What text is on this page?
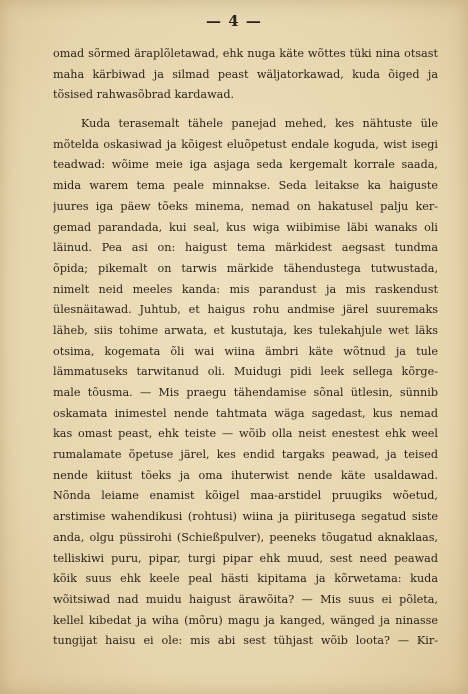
— 4 —
omad sõrmed äraplõletawad, ehk nuga käte wõttes tüki nina otsast
maha kärbiwad ja silmad peast wäljatorkawad, kuda õiged ja
tõsised rahwasõbrad kardawad.
Kuda terasemalt tähele panejad mehed, kes nähtuste üle
mõtelda oskasiwad ja kõigest eluõpetust endale koguda, wist isegi
teadwad: wõime meie iga asjaga seda kergemalt korrale saada,
mida warem tema peale minnakse. Seda leitakse ka haiguste
juures iga päew tõeks minema, nemad on hakatusel palju ker-
gemad parandada, kui seal, kus wiga wiibimise läbi wanaks oli
läinud. Pea asi on: haigust tema märkidest aegsast tundma
õpida; pikemalt on tarwis märkide tähendustega tutwustada,
nimelt neid meeles kanda: mis parandust ja mis raskendust
ülesnäitawad. Juhtub, et haigus rohu andmise järel suuremaks
läheb, siis tohime arwata, et kustutaja, kes tulekahjule wet läks
otsima, kogemata õli wai wiina ämbri käte wõtnud ja tule
lämmatuseks tarwitanud oli. Muidugi pidi leek sellega kõrge-
male tõusma. — Mis praegu tähendamise sõnal ütlesin, sünnib
oskamata inimestel nende tahtmata wäga sagedast, kus nemad
kas omast peast, ehk teiste — wõib olla neist enestest ehk weel
rumalamate õpetuse järel, kes endid targaks peawad, ja teised
nende kiitust tõeks ja oma ihuterwist nende käte usaldawad.
Nõnda leiame enamist kõigel maa-arstidel pruugiks wõetud,
arstimise wahendikusi (rohtusi) wiina ja piiritusega segatud siste
anda, olgu püssirohi (Schießpulver), peeneks tõugatud aknaklaas,
telliskiwi puru, pipar, turgi pipar ehk muud, sest need peawad
kõik suus ehk keele peal hästi kipitama ja kõrwetama: kuda
wõitsiwad nad muidu haigust ärawõita? — Mis suus ei põleta,
kellel kibedat ja wiha (mõru) magu ja kanged, wänged ja ninasse
tungijat haisu ei ole: mis abi sest tühjast wõib loota? — Kir-
